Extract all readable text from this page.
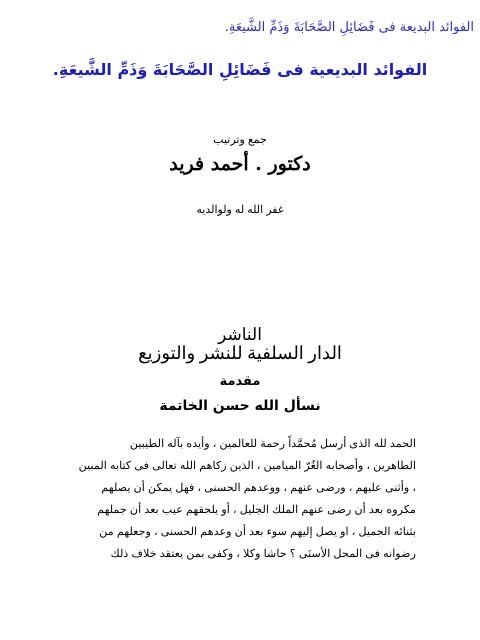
الفوائد البديعة فى فَضَائِلِ الصَّحَابَةَ وَذَمِّ الشَّيعَةِ.
الفوائد البديعية فى فَضَائِلِ الصَّحَابَةَ وَذَمِّ الشَّيعَةِ.
جمع وترتيب
دكتور . أحمد فريد
غفر الله له ولوالديه
الناشر
الدار السلفية للنشر والتوزيع
مقدمة
نسأل الله حسن الخاتمة
الحمد لله الذى أرسل مُحمَّداً رحمة للعالمين ، وأيده بآله الطيبين
الطاهرين ، وأصحابه الغُرّ الميامين ، الذين زكاهم الله تعالى فى كتابه المبين
، وأثنى عليهم ، ورضى عنهم ، ووعدهم الحسنى ، فهل يمكن أن يصلهم
مكروه بعد أن رضى عنهم الملك الجليل ، أو يلحقهم عيب بعد أن جملهم
بثنائه الجميل ، او يصل إليهم سوء بعد أن وعدهم الحسنى ، وجعلهم من
رضوانه فى المحل الأسنَى ؟ حاشا وكلا ، وكفى بمن يعتقد خلاف ذلك
